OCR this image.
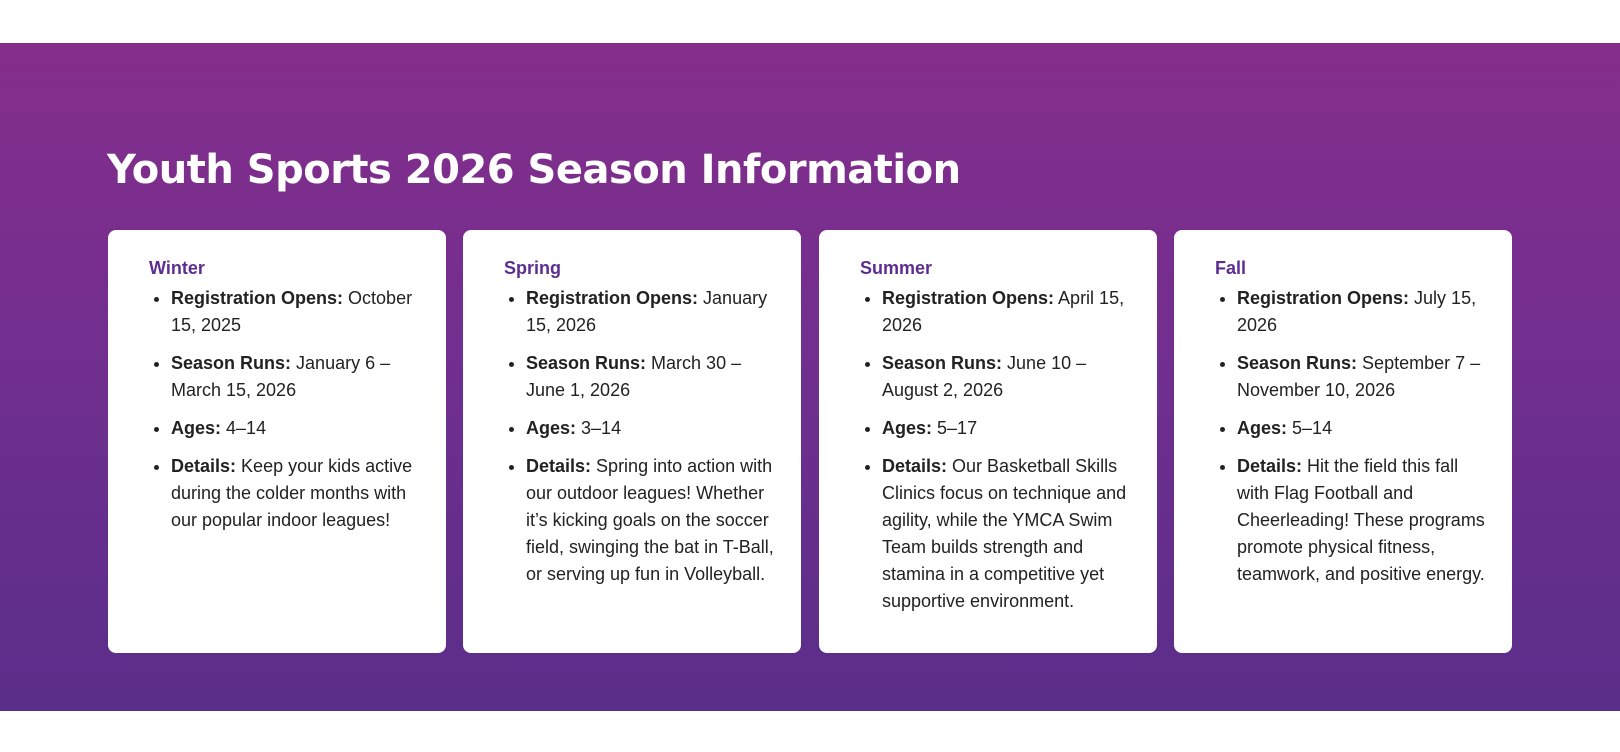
Youth Sports 2026 Season Information
Winter
• Registration Opens: October 15, 2025
• Season Runs: January 6 – March 15, 2026
• Ages: 4–14
• Details: Keep your kids active during the colder months with our popular indoor leagues!
Spring
• Registration Opens: January 15, 2026
• Season Runs: March 30 – June 1, 2026
• Ages: 3–14
• Details: Spring into action with our outdoor leagues! Whether it’s kicking goals on the soccer field, swinging the bat in T-Ball, or serving up fun in Volleyball.
Summer
• Registration Opens: April 15, 2026
• Season Runs: June 10 – August 2, 2026
• Ages: 5–17
• Details: Our Basketball Skills Clinics focus on technique and agility, while the YMCA Swim Team builds strength and stamina in a competitive yet supportive environment.
Fall
• Registration Opens: July 15, 2026
• Season Runs: September 7 – November 10, 2026
• Ages: 5–14
• Details: Hit the field this fall with Flag Football and Cheerleading! These programs promote physical fitness, teamwork, and positive energy.
